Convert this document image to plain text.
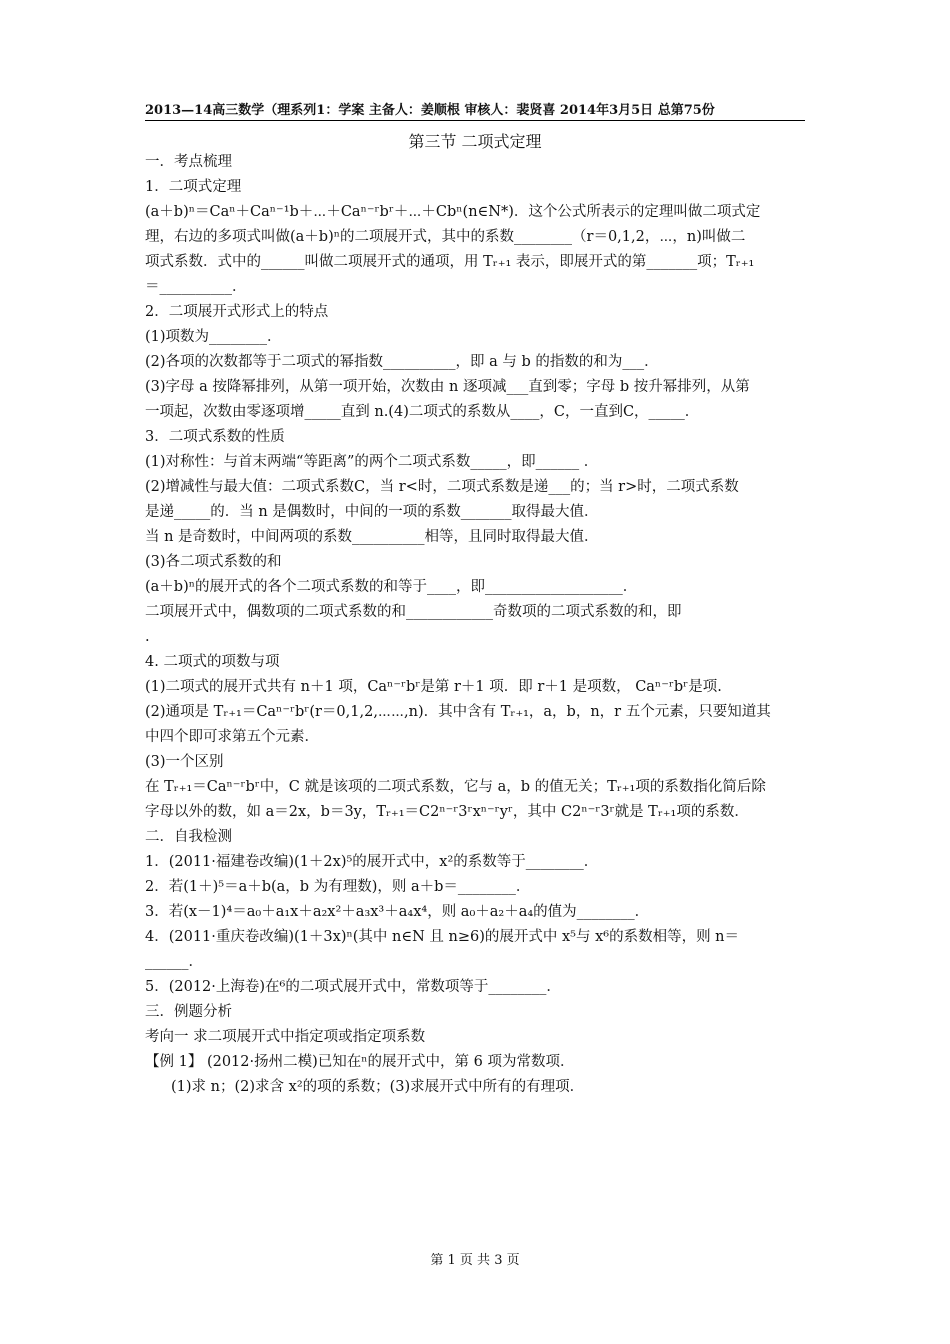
2013—14高三数学（理系列1：学案 主备人：姜顺根 审核人：裴贤喜 2014年3月5日 总第75份
第三节 二项式定理
一．考点梳理
1．二项式定理
(a＋b)ⁿ＝Caⁿ＋Caⁿ⁻¹b＋⋯＋Caⁿ⁻ʳbʳ＋⋯＋Cbⁿ(n∈N*)．这个公式所表示的定理叫做二项式定
理，右边的多项式叫做(a＋b)ⁿ的二项展开式，其中的系数________（r＝0,1,2，⋯，n)叫做二
项式系数．式中的______叫做二项展开式的通项，用 Tᵣ₊₁ 表示，即展开式的第_______项；Tᵣ₊₁
＝__________．
2．二项展开式形式上的特点
(1)项数为________．
(2)各项的次数都等于二项式的幂指数__________，即 a 与 b 的指数的和为___．
(3)字母 a 按降幂排列，从第一项开始，次数由 n 逐项减___直到零；字母 b 按升幂排列，从第
一项起，次数由零逐项增_____直到 n.(4)二项式的系数从____，C，一直到C，_____．
3．二项式系数的性质
(1)对称性：与首末两端“等距离”的两个二项式系数_____，即______ ．
(2)增减性与最大值：二项式系数C，当 r<时，二项式系数是递___的；当 r>时，二项式系数
是递_____的．当 n 是偶数时，中间的一项的系数_______取得最大值．
当 n 是奇数时，中间两项的系数__________相等，且同时取得最大值．
(3)各二项式系数的和
(a＋b)ⁿ的展开式的各个二项式系数的和等于____，即___________________．
二项展开式中，偶数项的二项式系数的和____________奇数项的二项式系数的和，即
.
4. 二项式的项数与项
(1)二项式的展开式共有 n＋1 项，Caⁿ⁻ʳbʳ是第 r＋1 项．即 r＋1 是项数， Caⁿ⁻ʳbʳ是项.
(2)通项是 Tᵣ₊₁＝Caⁿ⁻ʳbʳ(r＝0,1,2,⋯⋯,n)．其中含有 Tᵣ₊₁，a，b，n，r 五个元素，只要知道其
中四个即可求第五个元素．
(3)一个区别
在 Tᵣ₊₁＝Caⁿ⁻ʳbʳ中，C 就是该项的二项式系数，它与 a，b 的值无关；Tᵣ₊₁项的系数指化简后除
字母以外的数，如 a＝2x，b＝3y，Tᵣ₊₁＝C2ⁿ⁻ʳ3ʳxⁿ⁻ʳyʳ，其中 C2ⁿ⁻ʳ3ʳ就是 Tᵣ₊₁项的系数．
二．自我检测
1．(2011·福建卷改编)(1＋2x)⁵的展开式中，x²的系数等于________．
2．若(1＋)⁵＝a＋b(a，b 为有理数)，则 a＋b＝________．
3．若(x－1)⁴＝a₀＋a₁x＋a₂x²＋a₃x³＋a₄x⁴，则 a₀＋a₂＋a₄的值为________．
4．(2011·重庆卷改编)(1＋3x)ⁿ(其中 n∈N 且 n≥6)的展开式中 x⁵与 x⁶的系数相等，则 n＝
______．
5．(2012·上海卷)在⁶的二项式展开式中，常数项等于________．
三．例题分析
考向一 求二项展开式中指定项或指定项系数
【例 1】 (2012·扬州二模)已知在ⁿ的展开式中，第 6 项为常数项．
(1)求 n；(2)求含 x²的项的系数；(3)求展开式中所有的有理项．
第 1 页 共 3 页
